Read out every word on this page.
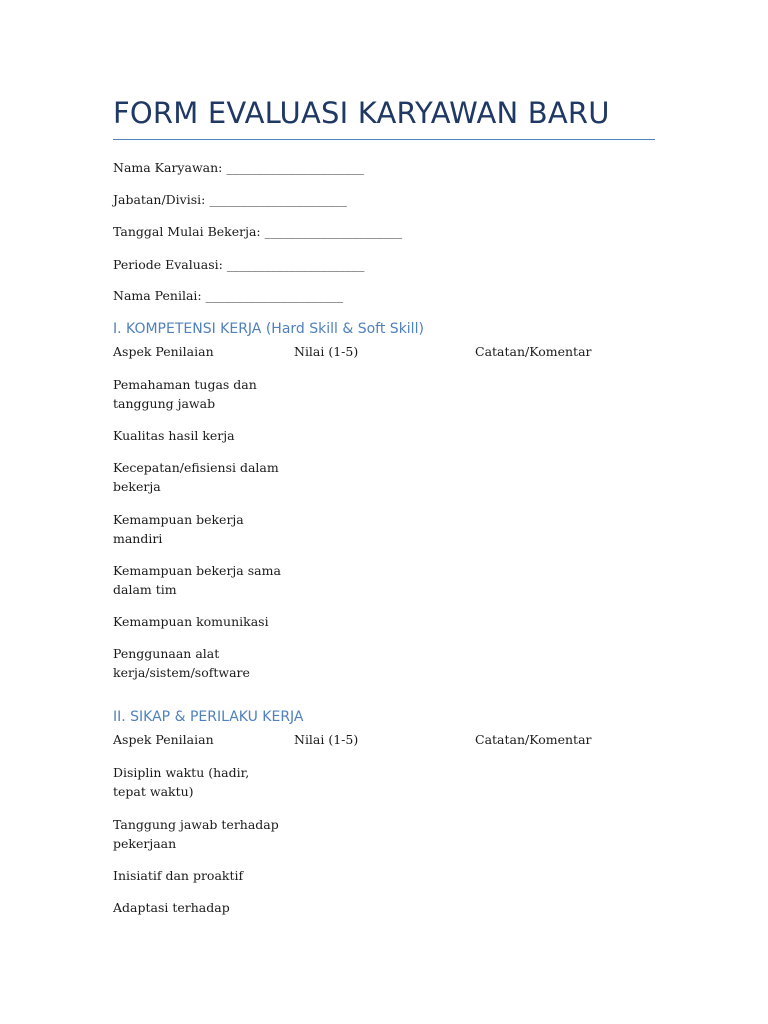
FORM EVALUASI KARYAWAN BARU
Nama Karyawan: ______________________
Jabatan/Divisi: ______________________
Tanggal Mulai Bekerja: ______________________
Periode Evaluasi: ______________________
Nama Penilai: ______________________
I. KOMPETENSI KERJA (Hard Skill & Soft Skill)
Aspek Penilaian	Nilai (1-5)	Catatan/Komentar
Pemahaman tugas dan tanggung jawab
Kualitas hasil kerja
Kecepatan/efisiensi dalam bekerja
Kemampuan bekerja mandiri
Kemampuan bekerja sama dalam tim
Kemampuan komunikasi
Penggunaan alat kerja/sistem/software
II. SIKAP & PERILAKU KERJA
Aspek Penilaian	Nilai (1-5)	Catatan/Komentar
Disiplin waktu (hadir, tepat waktu)
Tanggung jawab terhadap pekerjaan
Inisiatif dan proaktif
Adaptasi terhadap
